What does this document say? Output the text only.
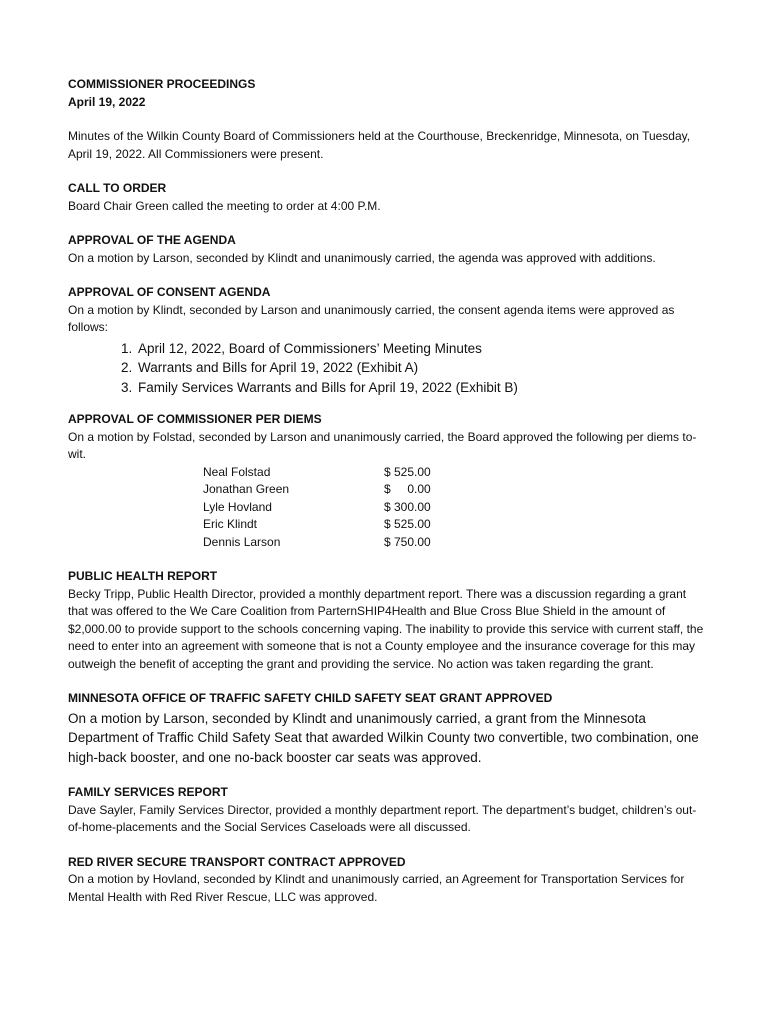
COMMISSIONER PROCEEDINGS

April 19, 2022

Minutes of the Wilkin County Board of Commissioners held at the Courthouse, Breckenridge, Minnesota, on Tuesday, April 19, 2022. All Commissioners were present.

CALL TO ORDER

Board Chair Green called the meeting to order at 4:00 P.M.

APPROVAL OF THE AGENDA

On a motion by Larson, seconded by Klindt and unanimously carried, the agenda was approved with additions.

APPROVAL OF CONSENT AGENDA

On a motion by Klindt, seconded by Larson and unanimously carried, the consent agenda items were approved as follows:

1. April 12, 2022, Board of Commissioners’ Meeting Minutes
2. Warrants and Bills for April 19, 2022 (Exhibit A)
3. Family Services Warrants and Bills for April 19, 2022 (Exhibit B)

APPROVAL OF COMMISSIONER PER DIEMS

On a motion by Folstad, seconded by Larson and unanimously carried, the Board approved the following per diems to-wit.

Neal Folstad	$ 525.00
Jonathan Green	$     0.00
Lyle Hovland	$ 300.00
Eric Klindt	$ 525.00
Dennis Larson	$ 750.00

PUBLIC HEALTH REPORT

Becky Tripp, Public Health Director, provided a monthly department report. There was a discussion regarding a grant that was offered to the We Care Coalition from ParternSHIP4Health and Blue Cross Blue Shield in the amount of $2,000.00 to provide support to the schools concerning vaping. The inability to provide this service with current staff, the need to enter into an agreement with someone that is not a County employee and the insurance coverage for this may outweigh the benefit of accepting the grant and providing the service. No action was taken regarding the grant.

MINNESOTA OFFICE OF TRAFFIC SAFETY CHILD SAFETY SEAT GRANT APPROVED

On a motion by Larson, seconded by Klindt and unanimously carried, a grant from the Minnesota Department of Traffic Child Safety Seat that awarded Wilkin County two convertible, two combination, one high-back booster, and one no-back booster car seats was approved.

FAMILY SERVICES REPORT

Dave Sayler, Family Services Director, provided a monthly department report. The department’s budget, children’s out-of-home-placements and the Social Services Caseloads were all discussed.

RED RIVER SECURE TRANSPORT CONTRACT APPROVED

On a motion by Hovland, seconded by Klindt and unanimously carried, an Agreement for Transportation Services for Mental Health with Red River Rescue, LLC was approved.
